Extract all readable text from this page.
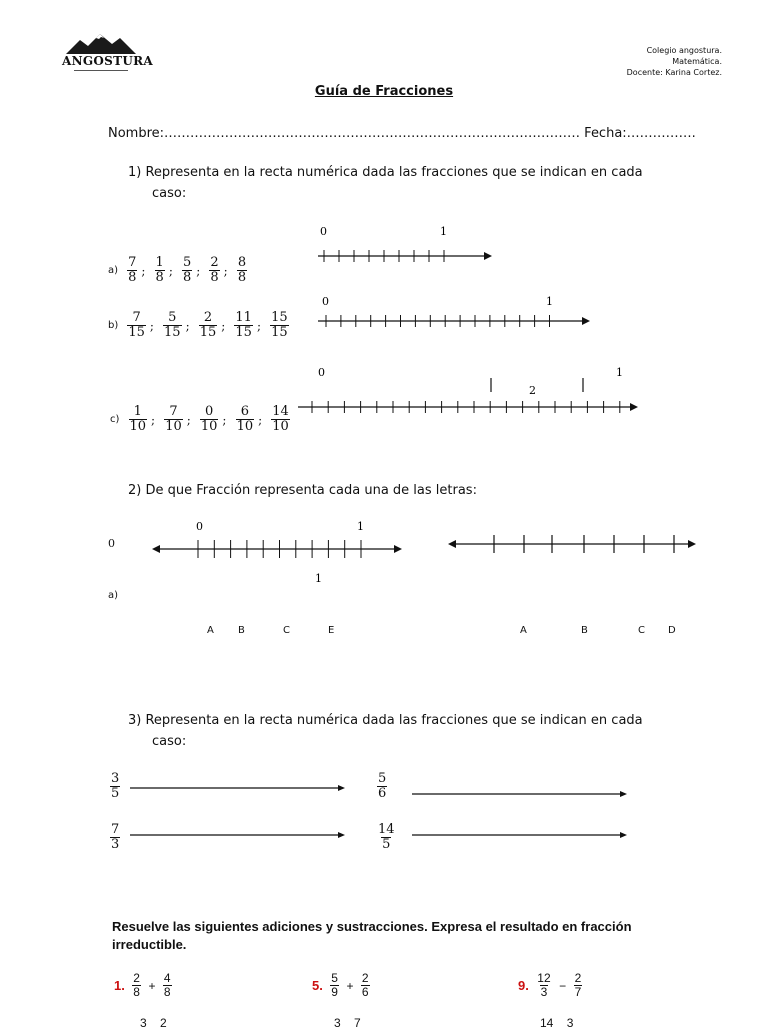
ANGOSTURA
Colegio angostura.
Matemática.
Docente: Karina Cortez.
Guía de Fracciones
Nombre:…………………………………………………………………………………… Fecha:…………….
1) Representa en la recta numérica dada las fracciones que se indican en cada
caso:
$a) \frac{7}{8}$ ; $\frac{1}{8}$ ; $\frac{5}{8}$ ; $\frac{2}{8}$ ; $\frac{8}{8}$
$b) \frac{7}{15}$ ; $\frac{5}{15}$ ; $\frac{2}{15}$ ; $\frac{11}{15}$ ; $\frac{15}{15}$
$c) \frac{1}{10}$ ; $\frac{7}{10}$ ; $\frac{0}{10}$ ; $\frac{6}{10}$ ; $\frac{14}{10}$
0	1
0	1
0	1
2
0	1
1
2) De que Fracción representa cada una de las letras:
0
a)
A B	C	E	A	B	C D
3) Representa en la recta numérica dada las fracciones que se indican en cada
caso:
$\frac{3}{5}$	$\frac{5}{6}$
$\frac{7}{3}$	$\frac{14}{5}$
Resuelve las siguientes adiciones y sustracciones. Expresa el resultado en fracción irreductible.
1. $\frac{2}{8} + \frac{4}{8}$	5. $\frac{5}{9} + \frac{2}{6}$	9. $\frac{12}{3} - \frac{2}{7}$
3 2	3 7	14 3
